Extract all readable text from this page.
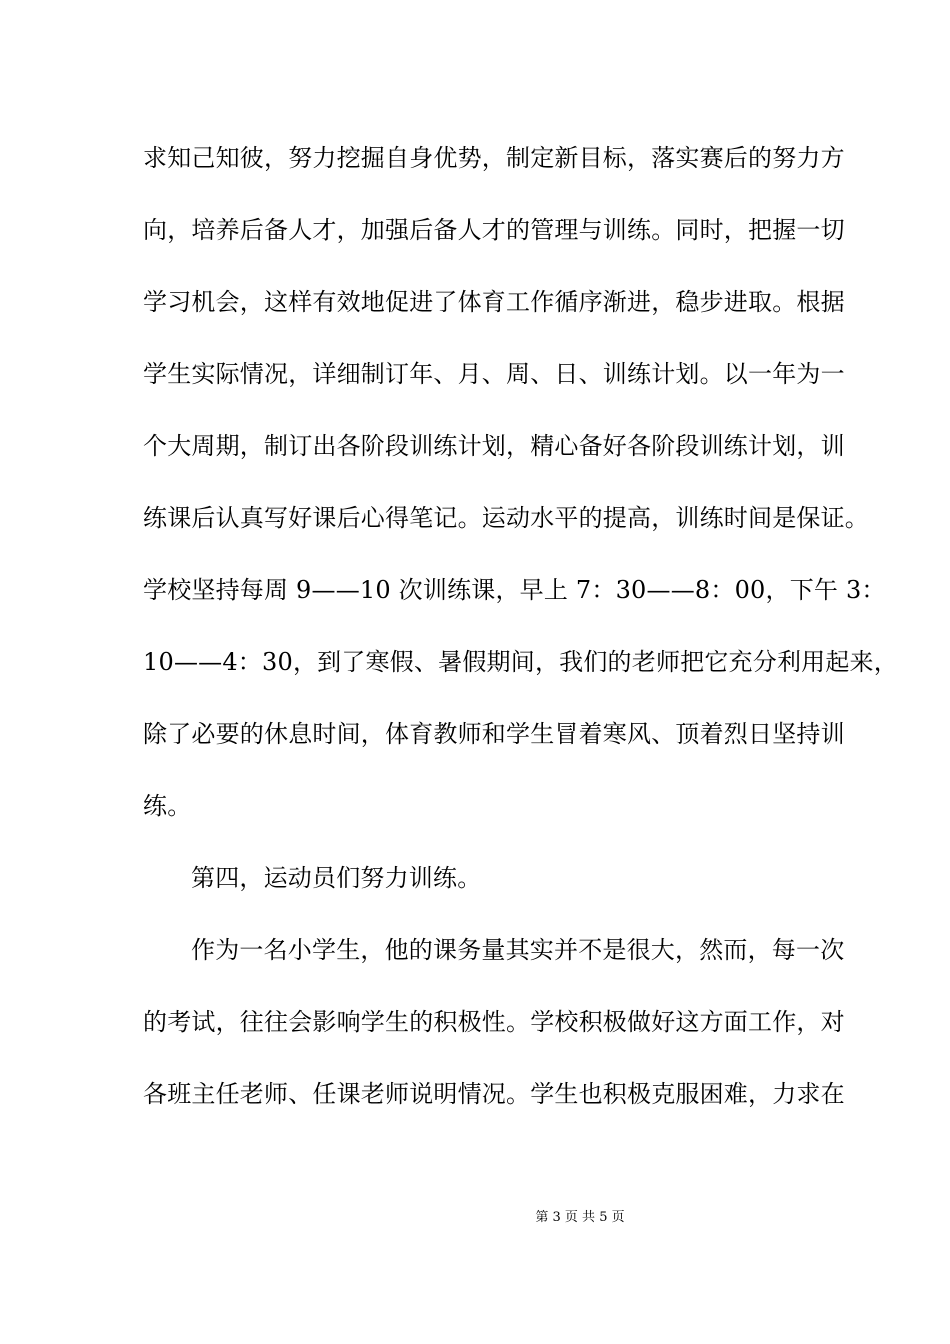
求知己知彼，努力挖掘自身优势，制定新目标，落实赛后的努力方
向，培养后备人才，加强后备人才的管理与训练。同时，把握一切
学习机会，这样有效地促进了体育工作循序渐进，稳步进取。根据
学生实际情况，详细制订年、月、周、日、训练计划。以一年为一
个大周期，制订出各阶段训练计划，精心备好各阶段训练计划，训
练课后认真写好课后心得笔记。运动水平的提高，训练时间是保证。
学校坚持每周 9——10 次训练课，早上 7：30——8：00，下午 3：
10——4：30，到了寒假、暑假期间，我们的老师把它充分利用起来，
除了必要的休息时间，体育教师和学生冒着寒风、顶着烈日坚持训
练。
第四，运动员们努力训练。
作为一名小学生，他的课务量其实并不是很大，然而，每一次
的考试，往往会影响学生的积极性。学校积极做好这方面工作，对
各班主任老师、任课老师说明情况。学生也积极克服困难，力求在
第 3 页 共 5 页
